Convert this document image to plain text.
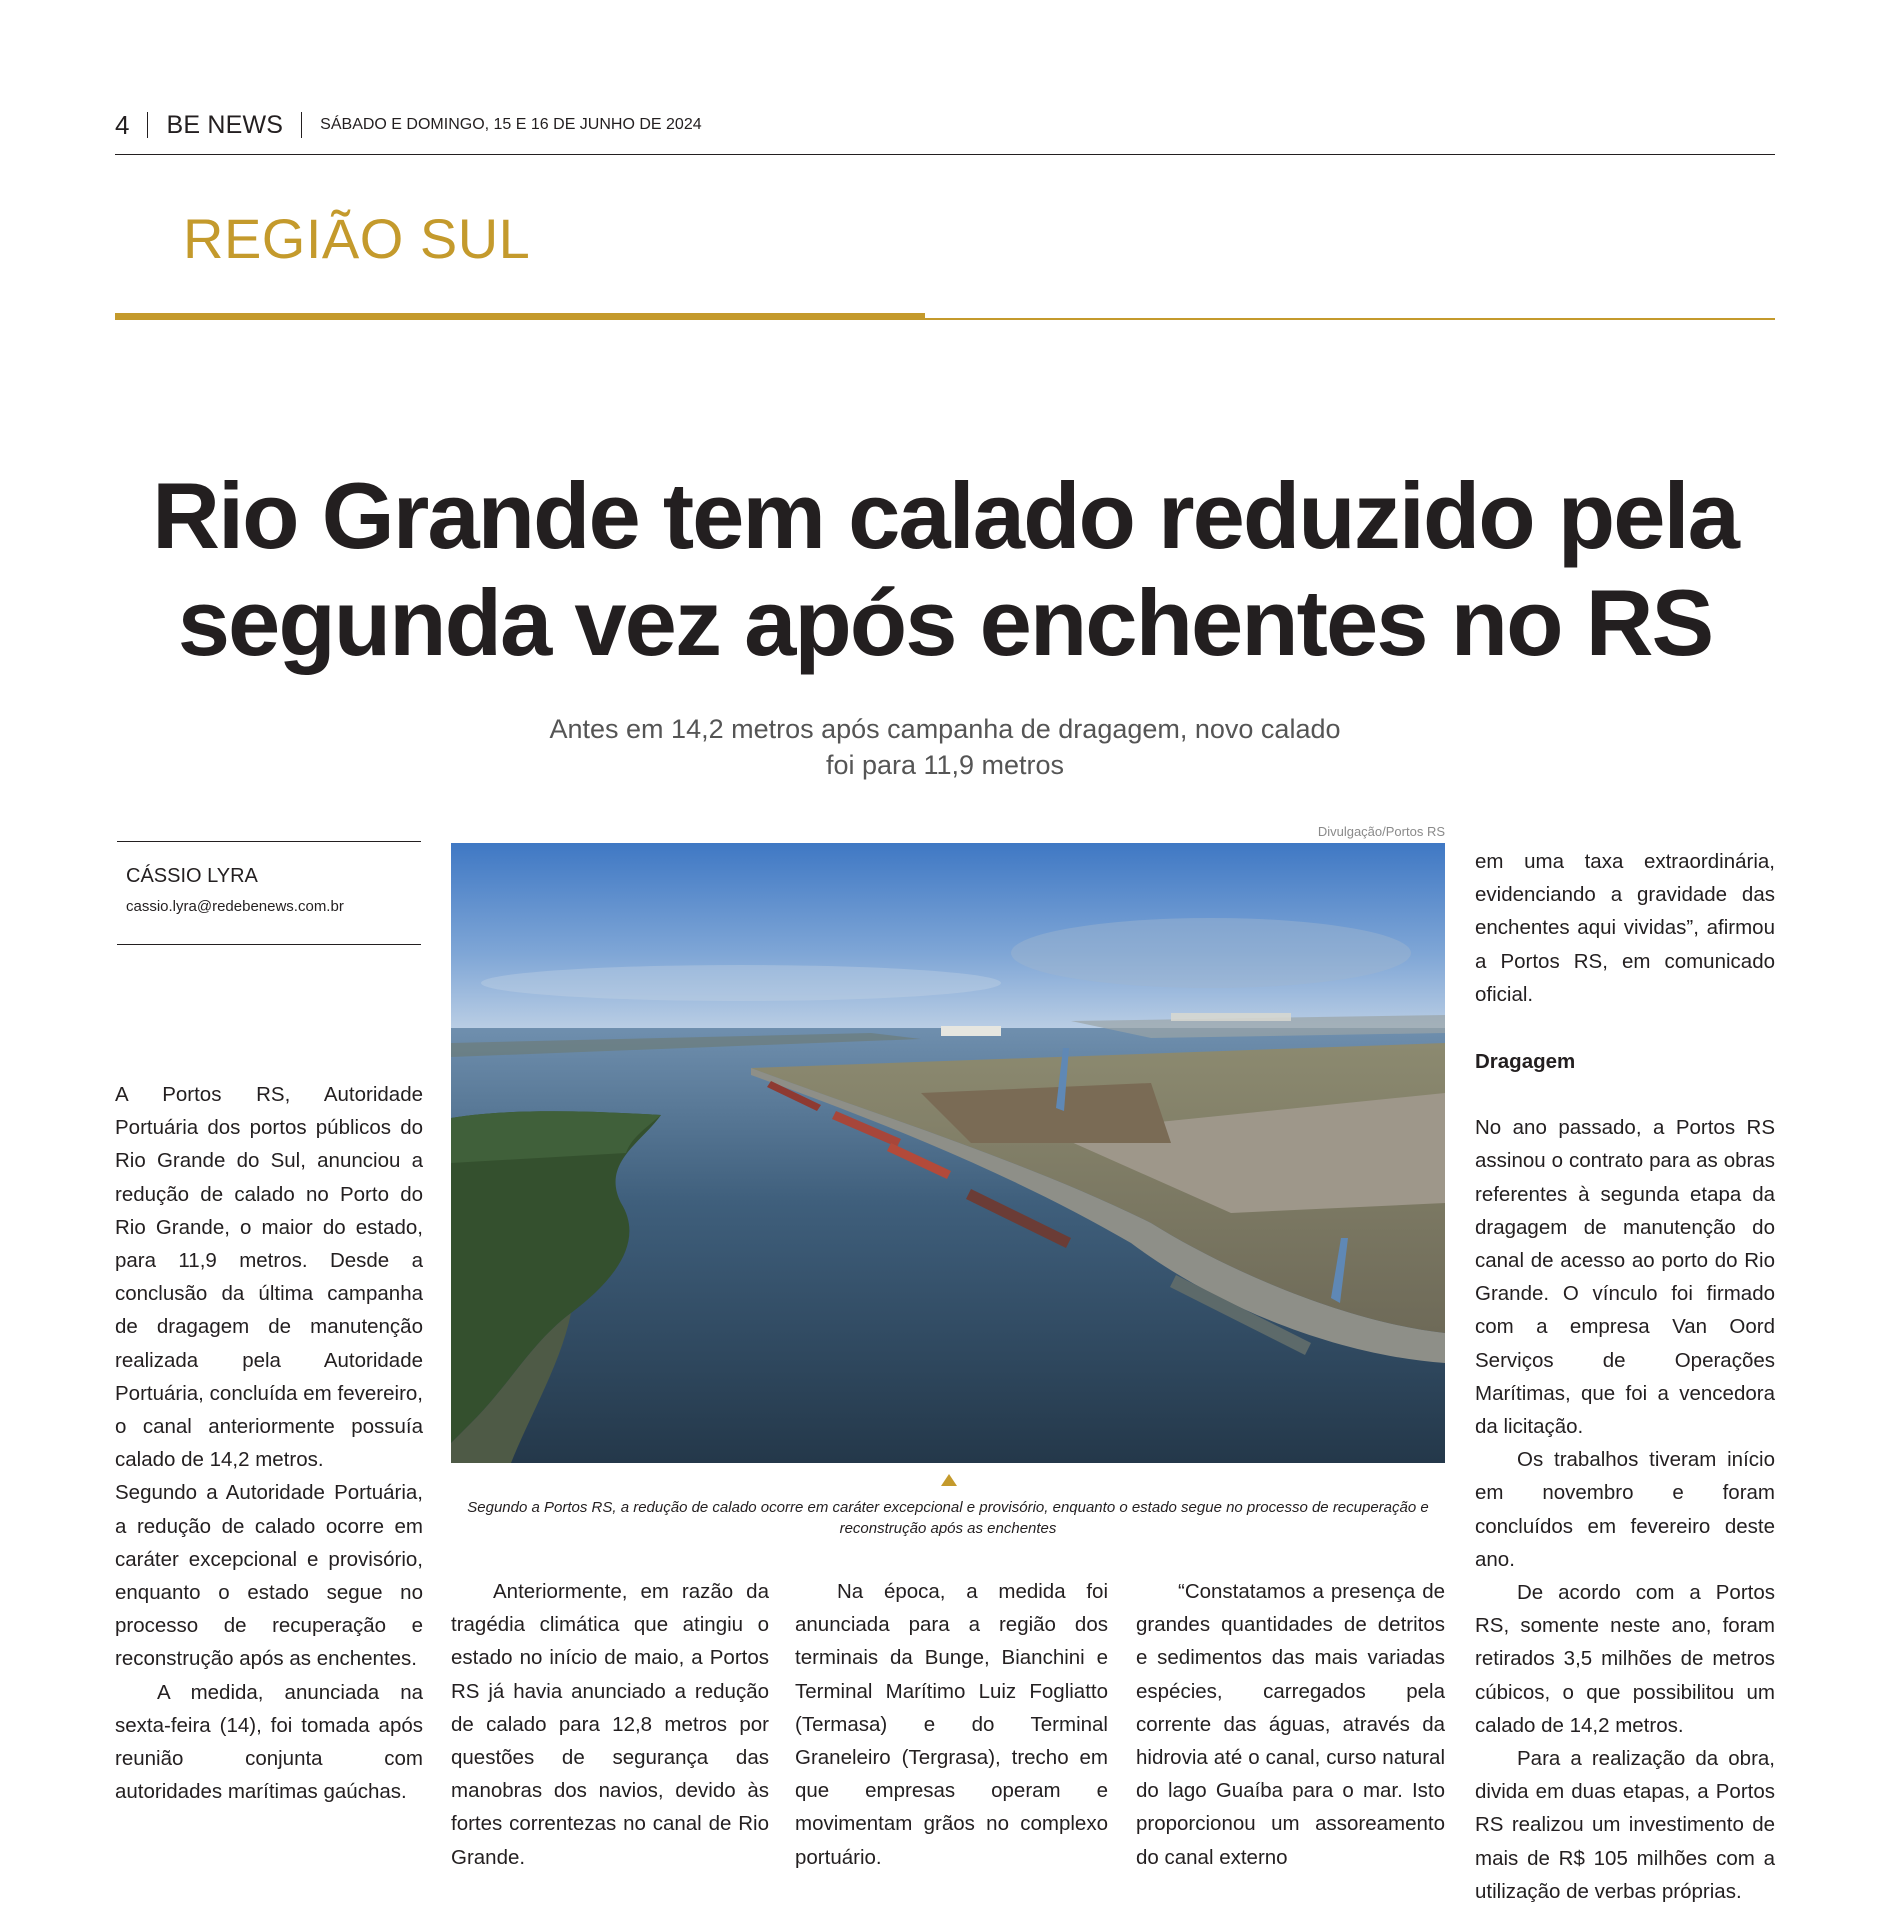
4 BE NEWS SÁBADO E DOMINGO, 15 E 16 DE JUNHO DE 2024
REGIÃO SUL
Rio Grande tem calado reduzido pela segunda vez após enchentes no RS
Antes em 14,2 metros após campanha de dragagem, novo calado foi para 11,9 metros
CÁSSIO LYRA
cassio.lyra@redebenews.com.br
Divulgação/Portos RS
Segundo a Portos RS, a redução de calado ocorre em caráter excepcional e provisório, enquanto o estado segue no processo de recuperação e reconstrução após as enchentes

A Portos RS, Autoridade Portuária dos portos públicos do Rio Grande do Sul, anunciou a redução de calado no Porto do Rio Grande, o maior do estado, para 11,9 metros. Desde a conclusão da última campanha de dragagem de manutenção realizada pela Autoridade Portuária, concluída em fevereiro, o canal anteriormente possuía calado de 14,2 metros.

Segundo a Autoridade Portuária, a redução de calado ocorre em caráter excepcional e provisório, enquanto o estado segue no processo de recuperação e reconstrução após as enchentes.

A medida, anunciada na sexta-feira (14), foi tomada após reunião conjunta com autoridades marítimas gaúchas.

Anteriormente, em razão da tragédia climática que atingiu o estado no início de maio, a Portos RS já havia anunciado a redução de calado para 12,8 metros por questões de segurança das manobras dos navios, devido às fortes correntezas no canal de Rio Grande.

Na época, a medida foi anunciada para a região dos terminais da Bunge, Bianchini e Terminal Marítimo Luiz Fogliatto (Termasa) e do Terminal Graneleiro (Tergrasa), trecho em que empresas operam e movimentam grãos no complexo portuário.

“Constatamos a presença de grandes quantidades de detritos e sedimentos das mais variadas espécies, carregados pela corrente das águas, através da hidrovia até o canal, curso natural do lago Guaíba para o mar. Isto proporcionou um assoreamento do canal externo

em uma taxa extraordinária, evidenciando a gravidade das enchentes aqui vividas”, afirmou a Portos RS, em comunicado oficial.

Dragagem

No ano passado, a Portos RS assinou o contrato para as obras referentes à segunda etapa da dragagem de manutenção do canal de acesso ao porto do Rio Grande. O vínculo foi firmado com a empresa Van Oord Serviços de Operações Marítimas, que foi a vencedora da licitação.

Os trabalhos tiveram início em novembro e foram concluídos em fevereiro deste ano.

De acordo com a Portos RS, somente neste ano, foram retirados 3,5 milhões de metros cúbicos, o que possibilitou um calado de 14,2 metros.

Para a realização da obra, divida em duas etapas, a Portos RS realizou um investimento de mais de R$ 105 milhões com a utilização de verbas próprias.
